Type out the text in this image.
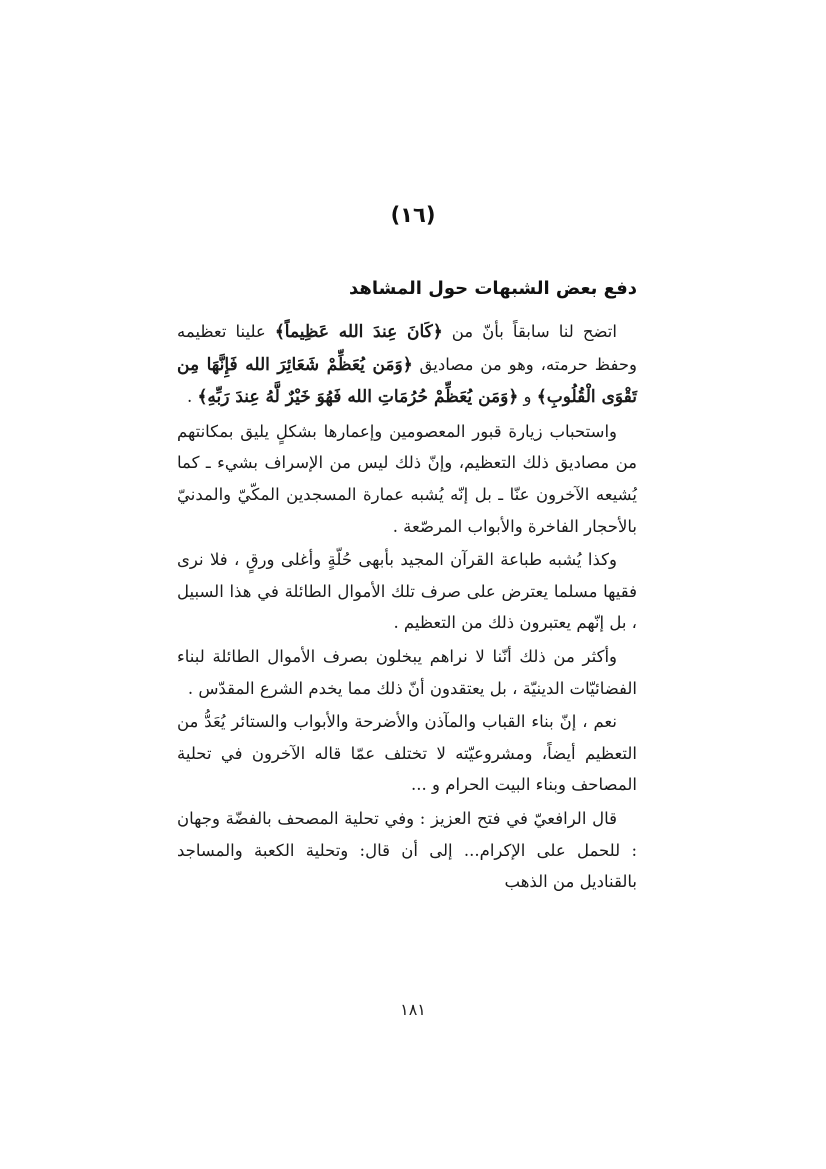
(١٦)
دفع بعض الشبهات حول المشاهد

اتضح لنا سابقاً بأنّ من ﴿كَانَ عِندَ الله عَظِيماً﴾ علينا تعظيمه وحفظ حرمته، وهو من مصاديق ﴿وَمَن يُعَظِّمْ شَعَائِرَ الله فَإِنَّهَا مِن تَقْوَى الْقُلُوبِ﴾ و ﴿وَمَن يُعَظِّمْ حُرُمَاتِ الله فَهُوَ خَيْرٌ لَّهُ عِندَ رَبِّهِ﴾ .

واستحباب زيارة قبور المعصومين وإعمارها بشكلٍ يليق بمكانتهم من مصاديق ذلك التعظيم، وإنّ ذلك ليس من الإسراف بشيء ـ كما يُشيعه الآخرون عنّا ـ بل إنّه يُشبه عمارة المسجدين المكّيّ والمدنيّ بالأحجار الفاخرة والأبواب المرصّعة .

وكذا يُشبه طباعة القرآن المجيد بأبهى حُلّةٍ وأغلى ورقٍ ، فلا نرى فقيها مسلما يعترض على صرف تلك الأموال الطائلة في هذا السبيل ، بل إنّهم يعتبرون ذلك من التعظيم .

وأكثر من ذلك أنّنا لا نراهم يبخلون بصرف الأموال الطائلة لبناء الفضائيّات الدينيّة ، بل يعتقدون أنّ ذلك مما يخدم الشرع المقدّس .

نعم ، إنّ بناء القباب والمآذن والأضرحة والأبواب والستائر يُعَدُّ من التعظيم أيضاً، ومشروعيّته لا تختلف عمّا قاله الآخرون في تحلية المصاحف وبناء البيت الحرام و ...

قال الرافعيّ في فتح العزيز : وفي تحلية المصحف بالفضّة وجهان : للحمل على الإكرام... إلى أن قال: وتحلية الكعبة والمساجد بالقناديل من الذهب

١٨١
